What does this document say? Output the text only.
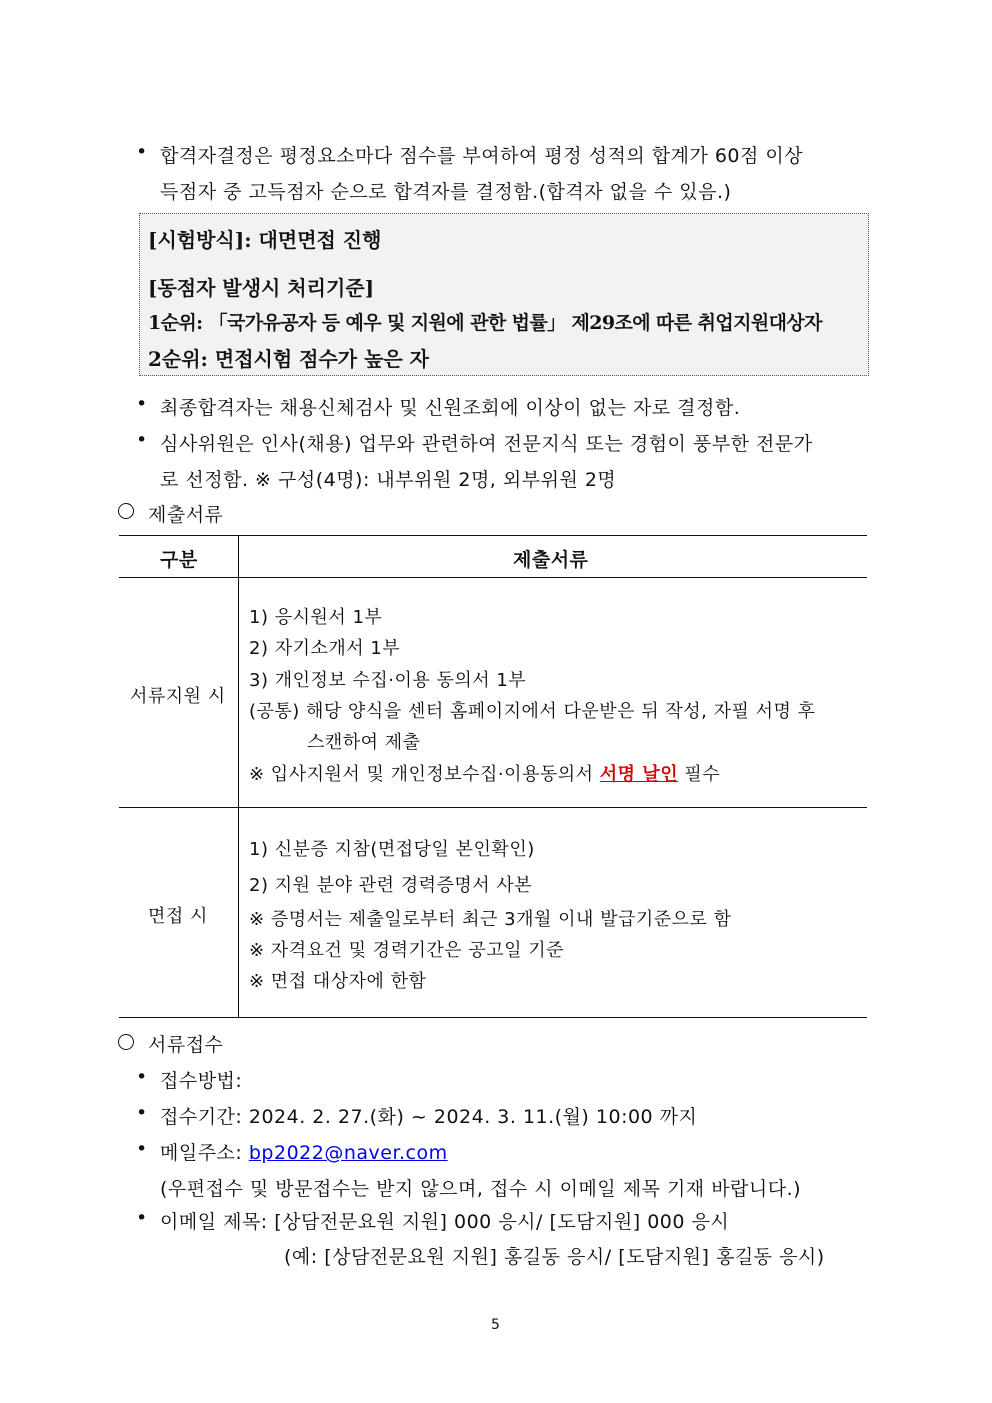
• 합격자결정은 평정요소마다 점수를 부여하여 평정 성적의 합계가 60점 이상
득점자 중 고득점자 순으로 합격자를 결정함.(합격자 없을 수 있음.)
[시험방식]: 대면면접 진행
[동점자 발생시 처리기준]
1순위: 「국가유공자 등 예우 및 지원에 관한 법률」 제29조에 따른 취업지원대상자
2순위: 면접시험 점수가 높은 자
• 최종합격자는 채용신체검사 및 신원조회에 이상이 없는 자로 결정함.
• 심사위원은 인사(채용) 업무와 관련하여 전문지식 또는 경험이 풍부한 전문가
로 선정함. ※ 구성(4명): 내부위원 2명, 외부위원 2명
제출서류
구분	제출서류
서류지원 시
1) 응시원서 1부
2) 자기소개서 1부
3) 개인정보 수집·이용 동의서 1부
(공통) 해당 양식을 센터 홈페이지에서 다운받은 뒤 작성, 자필 서명 후
스캔하여 제출
※ 입사지원서 및 개인정보수집·이용동의서 서명 날인 필수
면접 시
1) 신분증 지참(면접당일 본인확인)
2) 지원 분야 관련 경력증명서 사본
※ 증명서는 제출일로부터 최근 3개월 이내 발급기준으로 함
※ 자격요건 및 경력기간은 공고일 기준
※ 면접 대상자에 한함
서류접수
• 접수방법:
• 접수기간: 2024. 2. 27.(화) ~ 2024. 3. 11.(월) 10:00 까지
• 메일주소: bp2022@naver.com
(우편접수 및 방문접수는 받지 않으며, 접수 시 이메일 제목 기재 바랍니다.)
• 이메일 제목: [상담전문요원 지원] 000 응시/ [도담지원] 000 응시
(예: [상담전문요원 지원] 홍길동 응시/ [도담지원] 홍길동 응시)
5
